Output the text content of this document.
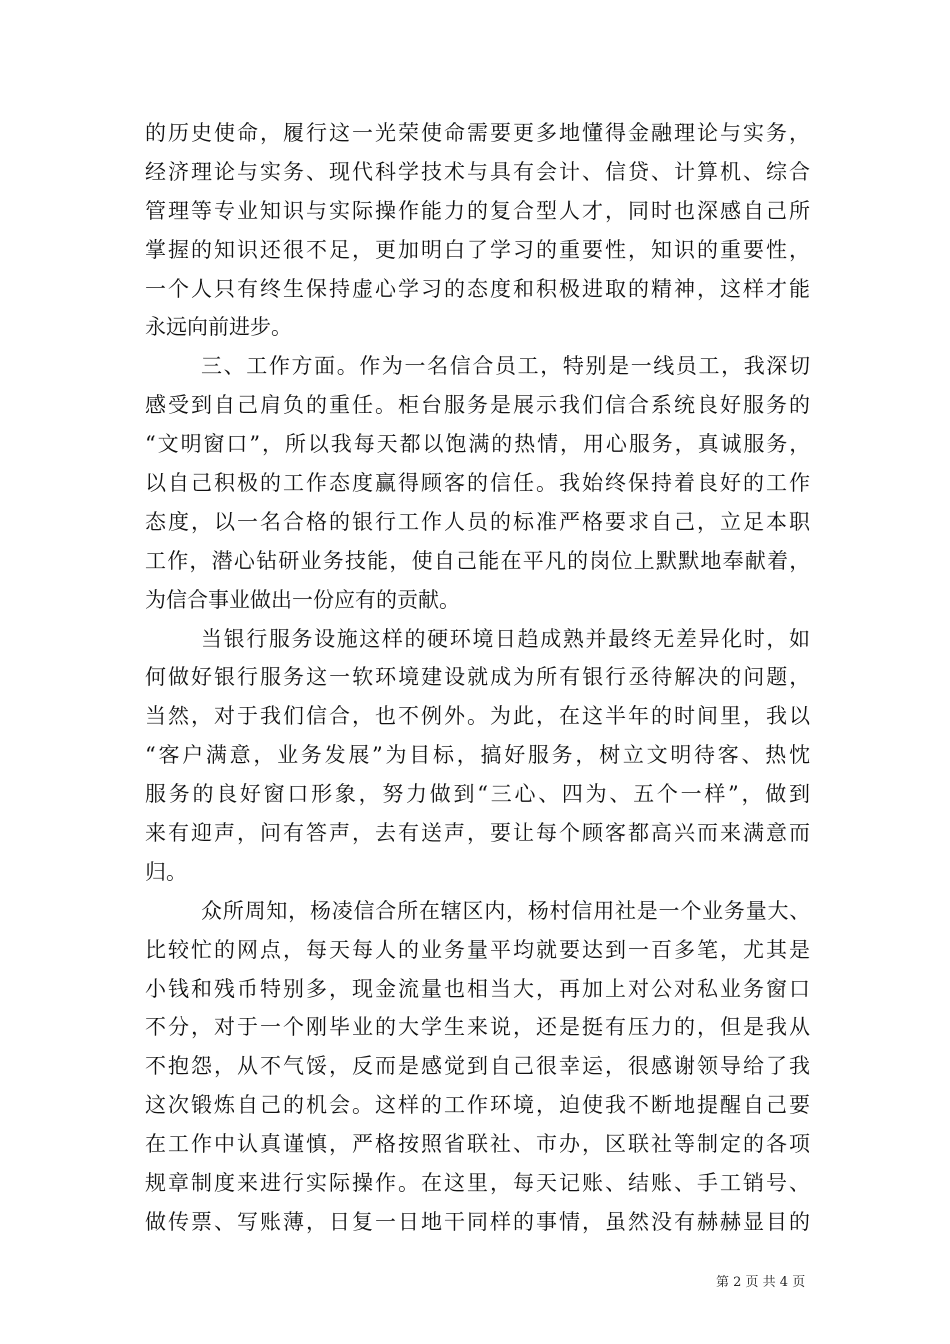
的历史使命，履行这一光荣使命需要更多地懂得金融理论与实务，
经济理论与实务、现代科学技术与具有会计、信贷、计算机、综合
管理等专业知识与实际操作能力的复合型人才，同时也深感自己所
掌握的知识还很不足，更加明白了学习的重要性，知识的重要性，
一个人只有终生保持虚心学习的态度和积极进取的精神，这样才能
永远向前进步。
三、工作方面。作为一名信合员工，特别是一线员工，我深切
感受到自己肩负的重任。柜台服务是展示我们信合系统良好服务的
“文明窗口”，所以我每天都以饱满的热情，用心服务，真诚服务，
以自己积极的工作态度赢得顾客的信任。我始终保持着良好的工作
态度，以一名合格的银行工作人员的标准严格要求自己，立足本职
工作，潜心钻研业务技能，使自己能在平凡的岗位上默默地奉献着，
为信合事业做出一份应有的贡献。
当银行服务设施这样的硬环境日趋成熟并最终无差异化时，如
何做好银行服务这一软环境建设就成为所有银行丞待解决的问题，
当然，对于我们信合，也不例外。为此，在这半年的时间里，我以
“客户满意，业务发展”为目标，搞好服务，树立文明待客、热忱
服务的良好窗口形象，努力做到“三心、四为、五个一样”，做到
来有迎声，问有答声，去有送声，要让每个顾客都高兴而来满意而
归。
众所周知，杨凌信合所在辖区内，杨村信用社是一个业务量大、
比较忙的网点，每天每人的业务量平均就要达到一百多笔，尤其是
小钱和残币特别多，现金流量也相当大，再加上对公对私业务窗口
不分，对于一个刚毕业的大学生来说，还是挺有压力的，但是我从
不抱怨，从不气馁，反而是感觉到自己很幸运，很感谢领导给了我
这次锻炼自己的机会。这样的工作环境，迫使我不断地提醒自己要
在工作中认真谨慎，严格按照省联社、市办，区联社等制定的各项
规章制度来进行实际操作。在这里，每天记账、结账、手工销号、
做传票、写账薄，日复一日地干同样的事情，虽然没有赫赫显目的
第 2 页 共 4 页
